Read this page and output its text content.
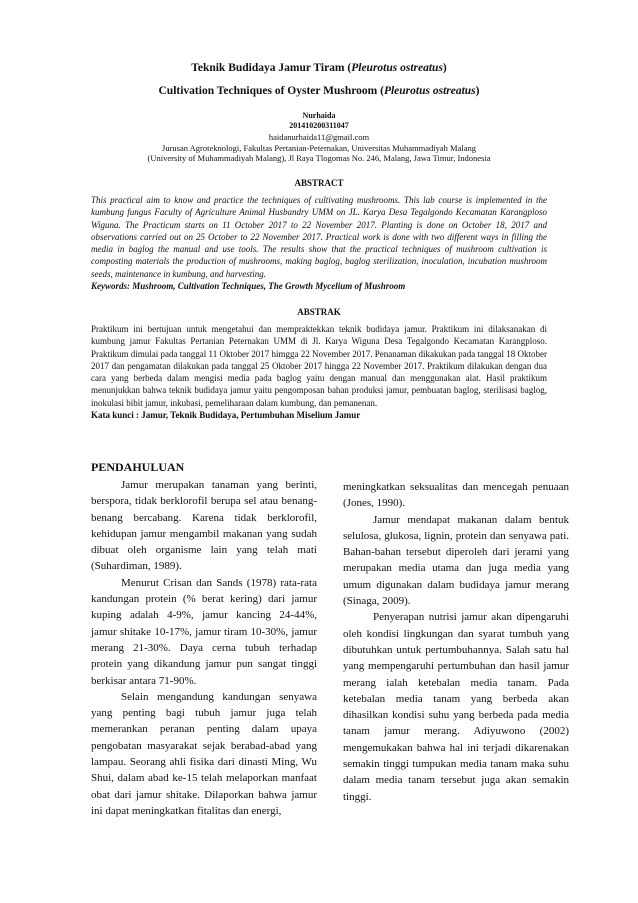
Teknik Budidaya Jamur Tiram (Pleurotus ostreatus)
Cultivation Techniques of Oyster Mushroom (Pleurotus ostreatus)
Nurhaida
201410200311047
haidanurhaida11@gmail.com
Jurusan Agroteknologi, Fakultas Pertanian-Peternakan, Universitas Muhammadiyah Malang
(University of Muhammadiyah Malang), Jl Raya Tlogomas No. 246, Malang, Jawa Timur, Indonesia
ABSTRACT
This practical aim to know and practice the techniques of cultivating mushrooms. This lab course is implemented in the kumbung fungus Faculty of Agriculture Animal Husbandry UMM on JL. Karya Desa Tegalgondo Kecamatan Karangploso Wiguna. The Practicum starts on 11 October 2017 to 22 November 2017. Planting is done on October 18, 2017 and observations carried out on 25 October to 22 November 2017. Practical work is done with two different ways in filling the media in baglog the manual and use tools. The results show that the practical techniques of mushroom cultivation is composting materials the production of mushrooms, making baglog, baglog sterilization, inoculation, incubation mushroom seeds, maintenance in kumbung, and harvesting.
Keywords: Mushroom, Cultivation Techniques, The Growth Mycelium of Mushroom
ABSTRAK
Praktikum ini bertujuan untuk mengetahui dan mempraktekkan teknik budidaya jamur. Praktikum ini dilaksanakan di kumbung jamur Fakultas Pertanian Peternakan UMM di Jl. Karya Wiguna Desa Tegalgondo Kecamatan Karangploso. Praktikum dimulai pada tanggal 11 Oktober 2017 himgga 22 November 2017. Penanaman dikakukan pada tanggal 18 Oktober 2017 dan pengamatan dilakukan pada tanggal 25 Oktober 2017 hingga 22 November 2017. Praktikum dilakukan dengan dua cara yang berbeda dalam mengisi media pada baglog yaitu dengan manual dan menggunakan alat. Hasil praktikum menunjukkan bahwa teknik budidaya jamur yaitu pengomposan bahan produksi jamur, pembuatan baglog, sterilisasi baglog, inokulasi bibit jamur, inkubasi, pemeliharaan dalam kumbung, dan pemanenan.
Kata kunci : Jamur, Teknik Budidaya, Pertumbuhan Miselium Jamur
PENDAHULUAN

Jamur merupakan tanaman yang berinti, berspora, tidak berklorofil berupa sel atau benang-benang bercabang. Karena tidak berklorofil, kehidupan jamur mengambil makanan yang sudah dibuat oleh organisme lain yang telah mati (Suhardiman, 1989).

Menurut Crisan dan Sands (1978) rata-rata kandungan protein (% berat kering) dari jamur kuping adalah 4-9%, jamur kancing 24-44%, jamur shitake 10-17%, jamur tiram 10-30%, jamur merang 21-30%. Daya cerna tubuh terhadap protein yang dikandung jamur pun sangat tinggi berkisar antara 71-90%.

Selain mengandung kandungan senyawa yang penting bagi tubuh jamur juga telah memerankan peranan penting dalam upaya pengobatan masyarakat sejak berabad-abad yang lampau. Seorang ahli fisika dari dinasti Ming, Wu Shui, dalam abad ke-15 telah melaporkan manfaat obat dari jamur shitake. Dilaporkan bahwa jamur ini dapat meningkatkan fitalitas dan energi,

meningkatkan seksualitas dan mencegah penuaan (Jones, 1990).

Jamur mendapat makanan dalam bentuk selulosa, glukosa, lignin, protein dan senyawa pati. Bahan-bahan tersebut diperoleh dari jerami yang merupakan media utama dan juga media yang umum digunakan dalam budidaya jamur merang (Sinaga, 2009).

Penyerapan nutrisi jamur akan dipengaruhi oleh kondisi lingkungan dan syarat tumbuh yang dibutuhkan untuk pertumbuhannya. Salah satu hal yang mempengaruhi pertumbuhan dan hasil jamur merang ialah ketebalan media tanam. Pada ketebalan media tanam yang berbeda akan dihasilkan kondisi suhu yang berbeda pada media tanam jamur merang. Adiyuwono (2002) mengemukakan bahwa hal ini terjadi dikarenakan semakin tinggi tumpukan media tanam maka suhu dalam media tanam tersebut juga akan semakin tinggi.
